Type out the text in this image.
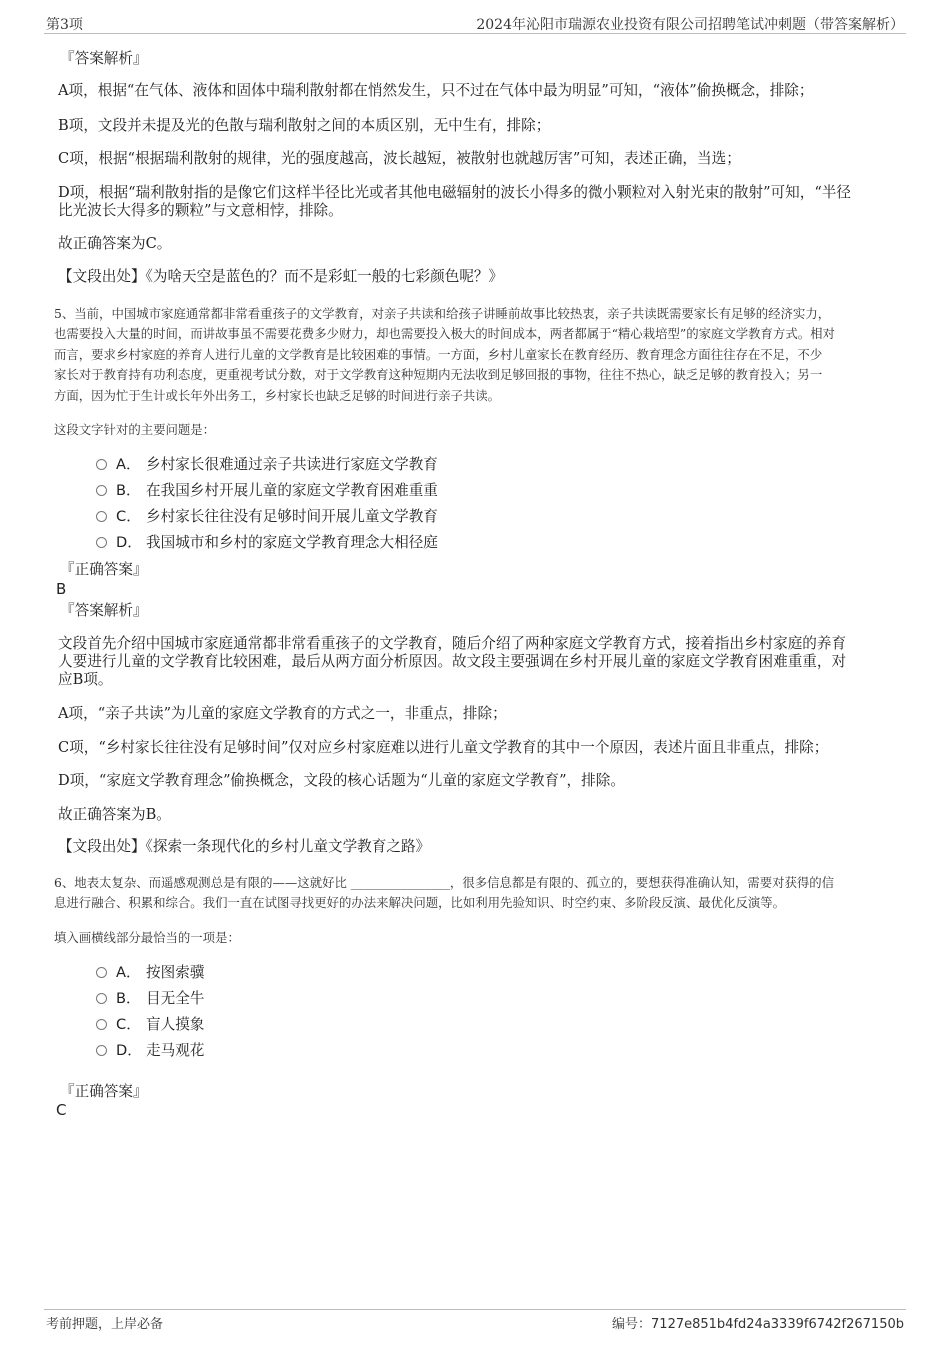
第3项	2024年沁阳市瑞源农业投资有限公司招聘笔试冲刺题（带答案解析）
『答案解析』
A项，根据“在气体、液体和固体中瑞利散射都在悄然发生，只不过在气体中最为明显”可知，“液体”偷换概念，排除；
B项，文段并未提及光的色散与瑞利散射之间的本质区别，无中生有，排除；
C项，根据“根据瑞利散射的规律，光的强度越高，波长越短，被散射也就越厉害”可知，表述正确，当选；
D项，根据“瑞利散射指的是像它们这样半径比光或者其他电磁辐射的波长小得多的微小颗粒对入射光束的散射”可知，“半径
比光波长大得多的颗粒”与文意相悖，排除。
故正确答案为C。
【文段出处】《为啥天空是蓝色的？而不是彩虹一般的七彩颜色呢？》
5、当前，中国城市家庭通常都非常看重孩子的文学教育，对亲子共读和给孩子讲睡前故事比较热衷，亲子共读既需要家长有足够的经济实力，
也需要投入大量的时间，而讲故事虽不需要花费多少财力，却也需要投入极大的时间成本，两者都属于“精心栽培型”的家庭文学教育方式。相对
而言，要求乡村家庭的养育人进行儿童的文学教育是比较困难的事情。一方面，乡村儿童家长在教育经历、教育理念方面往往存在不足，不少
家长对于教育持有功利态度，更重视考试分数，对于文学教育这种短期内无法收到足够回报的事物，往往不热心，缺乏足够的教育投入；另一
方面，因为忙于生计或长年外出务工，乡村家长也缺乏足够的时间进行亲子共读。
这段文字针对的主要问题是：
A． 乡村家长很难通过亲子共读进行家庭文学教育
B． 在我国乡村开展儿童的家庭文学教育困难重重
C． 乡村家长往往没有足够时间开展儿童文学教育
D． 我国城市和乡村的家庭文学教育理念大相径庭
『正确答案』
B
『答案解析』
文段首先介绍中国城市家庭通常都非常看重孩子的文学教育，随后介绍了两种家庭文学教育方式，接着指出乡村家庭的养育
人要进行儿童的文学教育比较困难，最后从两方面分析原因。故文段主要强调在乡村开展儿童的家庭文学教育困难重重，对
应B项。
A项，“亲子共读”为儿童的家庭文学教育的方式之一，非重点，排除；
C项，“乡村家长往往没有足够时间”仅对应乡村家庭难以进行儿童文学教育的其中一个原因，表述片面且非重点，排除；
D项，“家庭文学教育理念”偷换概念，文段的核心话题为“儿童的家庭文学教育”，排除。
故正确答案为B。
【文段出处】《探索一条现代化的乡村儿童文学教育之路》
6、地表太复杂、而遥感观测总是有限的——这就好比 ________________，很多信息都是有限的、孤立的，要想获得准确认知，需要对获得的信
息进行融合、积累和综合。我们一直在试图寻找更好的办法来解决问题，比如利用先验知识、时空约束、多阶段反演、最优化反演等。
填入画横线部分最恰当的一项是：
A． 按图索骥
B． 目无全牛
C． 盲人摸象
D． 走马观花
『正确答案』
C
考前押题，上岸必备	编号：7127e851b4fd24a3339f6742f267150b
